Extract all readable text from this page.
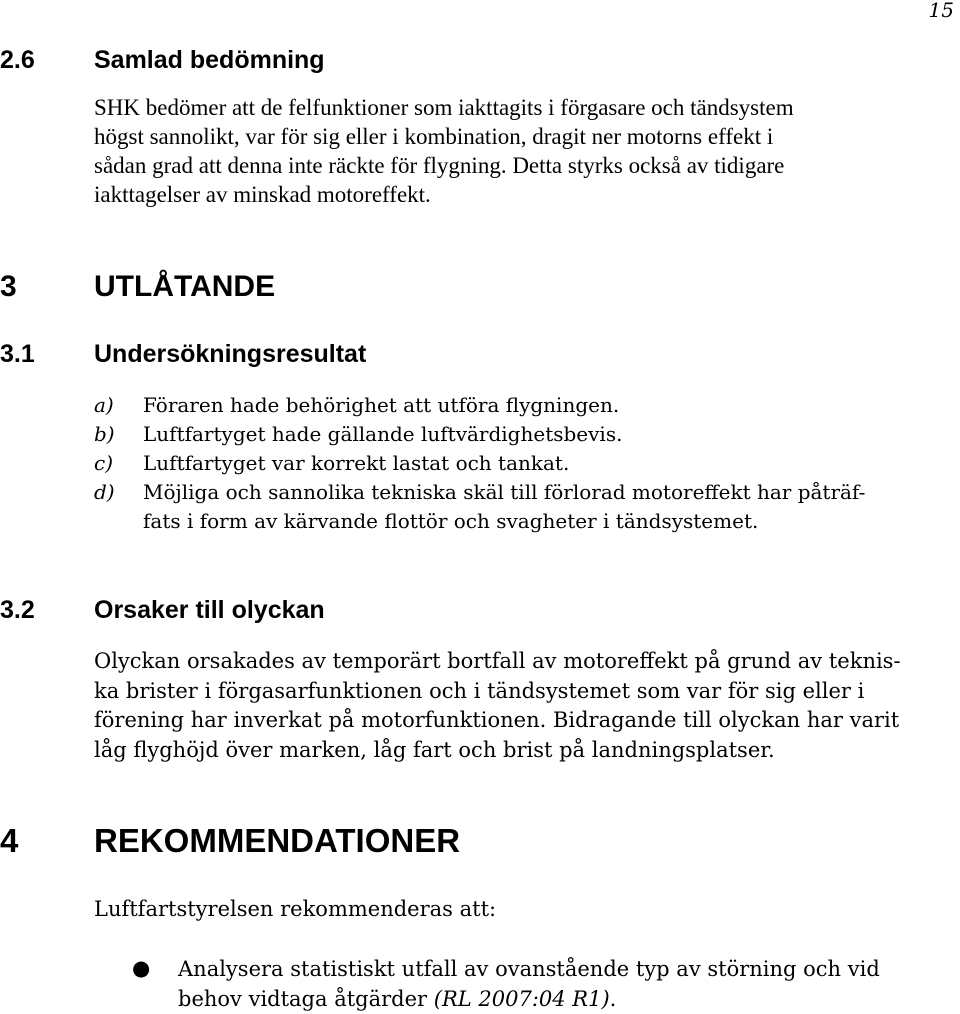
15
2.6 Samlad bedömning
SHK bedömer att de felfunktioner som iakttagits i förgasare och tändsystem
högst sannolikt, var för sig eller i kombination, dragit ner motorns effekt i
sådan grad att denna inte räckte för flygning. Detta styrks också av tidigare
iakttagelser av minskad motoreffekt.
3	UTLÅTANDE
3.1 Undersökningsresultat
a) Föraren hade behörighet att utföra flygningen.
b) Luftfartyget hade gällande luftvärdighetsbevis.
c) Luftfartyget var korrekt lastat och tankat.
d) Möjliga och sannolika tekniska skäl till förlorad motoreffekt har påträf-
fats i form av kärvande flottör och svagheter i tändsystemet.
3.2 Orsaker till olyckan
Olyckan orsakades av temporärt bortfall av motoreffekt på grund av teknis-
ka brister i förgasarfunktionen och i tändsystemet som var för sig eller i
förening har inverkat på motorfunktionen. Bidragande till olyckan har varit
låg flyghöjd över marken, låg fart och brist på landningsplatser.
4 REKOMMENDATIONER
Luftfartstyrelsen rekommenderas att:
● Analysera statistiskt utfall av ovanstående typ av störning och vid
behov vidtaga åtgärder (RL 2007:04 R1).
